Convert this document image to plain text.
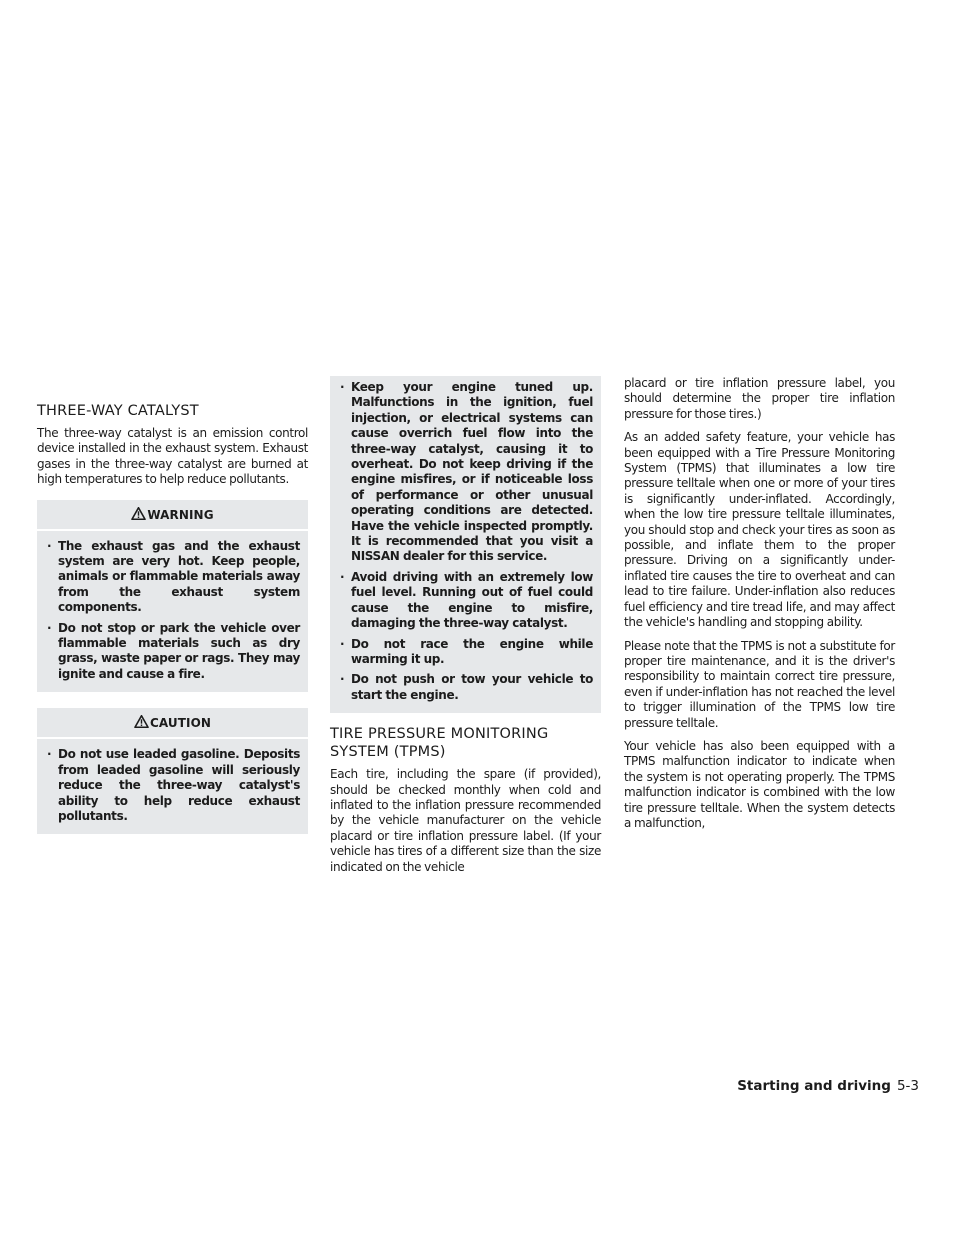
THREE-WAY CATALYST

The three-way catalyst is an emission control device installed in the exhaust system. Exhaust gases in the three-way catalyst are burned at high temperatures to help reduce pollutants.

WARNING
· The exhaust gas and the exhaust system are very hot. Keep people, animals or flammable materials away from the exhaust system components.
· Do not stop or park the vehicle over flammable materials such as dry grass, waste paper or rags. They may ignite and cause a fire.
CAUTION
· Do not use leaded gasoline. Deposits from leaded gasoline will seriously reduce the three-way catalyst's ability to help reduce exhaust pollutants.
· Keep your engine tuned up. Malfunctions in the ignition, fuel injection, or electrical systems can cause overrich fuel flow into the three-way catalyst, causing it to overheat. Do not keep driving if the engine misfires, or if noticeable loss of performance or other unusual operating conditions are detected. Have the vehicle inspected promptly. It is recommended that you visit a NISSAN dealer for this service.
· Avoid driving with an extremely low fuel level. Running out of fuel could cause the engine to misfire, damaging the three-way catalyst.
· Do not race the engine while warming it up.
· Do not push or tow your vehicle to start the engine.
TIRE PRESSURE MONITORING
SYSTEM (TPMS)

Each tire, including the spare (if provided), should be checked monthly when cold and inflated to the inflation pressure recommended by the vehicle manufacturer on the vehicle placard or tire inflation pressure label. (If your vehicle has tires of a different size than the size indicated on the vehicle

placard or tire inflation pressure label, you should determine the proper tire inflation pressure for those tires.)

As an added safety feature, your vehicle has been equipped with a Tire Pressure Monitoring System (TPMS) that illuminates a low tire pressure telltale when one or more of your tires is significantly under-inflated. Accordingly, when the low tire pressure telltale illuminates, you should stop and check your tires as soon as possible, and inflate them to the proper pressure. Driving on a significantly under-inflated tire causes the tire to overheat and can lead to tire failure. Under-inflation also reduces fuel efficiency and tire tread life, and may affect the vehicle's handling and stopping ability.

Please note that the TPMS is not a substitute for proper tire maintenance, and it is the driver's responsibility to maintain correct tire pressure, even if under-inflation has not reached the level to trigger illumination of the TPMS low tire pressure telltale.

Your vehicle has also been equipped with a TPMS malfunction indicator to indicate when the system is not operating properly. The TPMS malfunction indicator is combined with the low tire pressure telltale. When the system detects a malfunction,

Starting and driving 5-3
